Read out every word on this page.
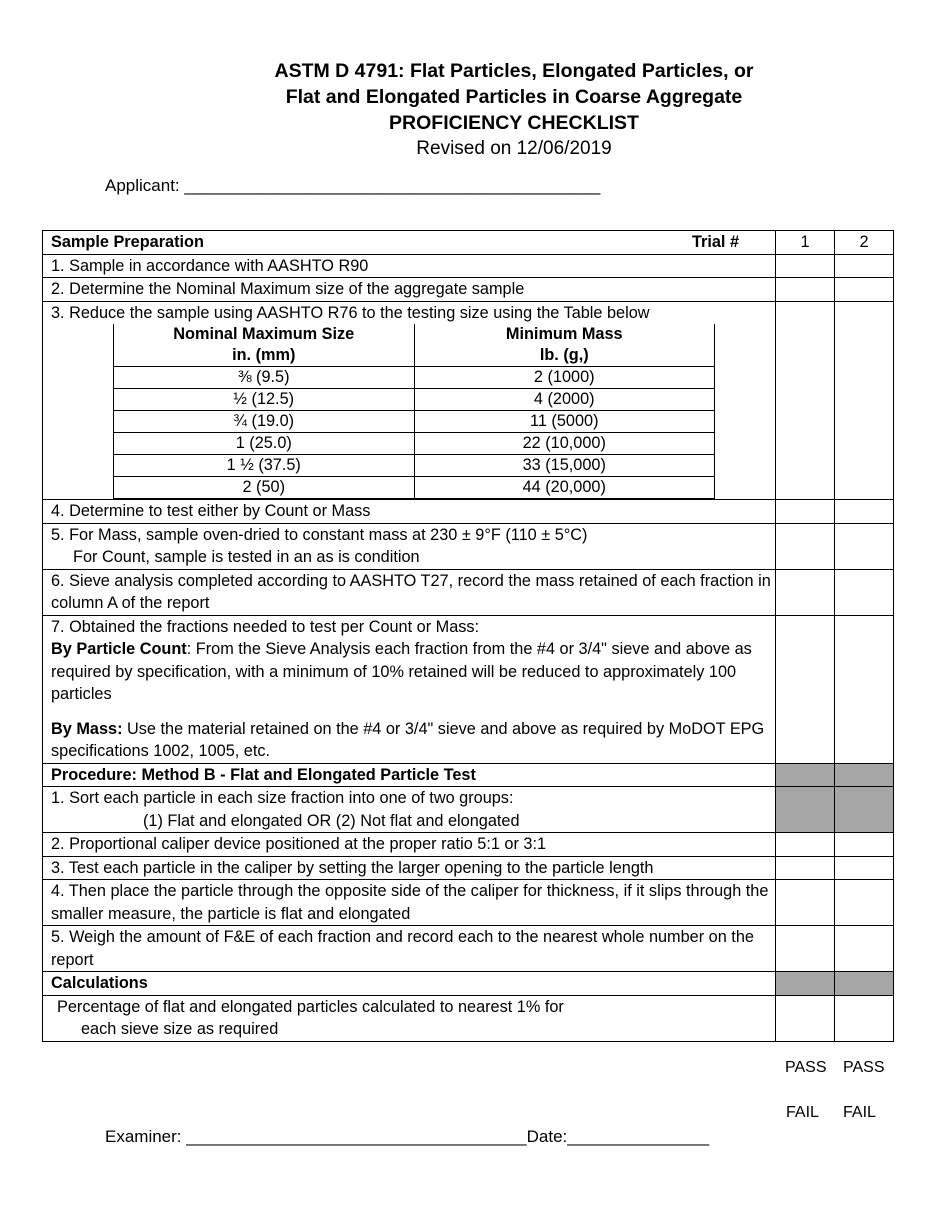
ASTM D 4791: Flat Particles, Elongated Particles, or
Flat and Elongated Particles in Coarse Aggregate
PROFICIENCY CHECKLIST
Revised on 12/06/2019
Applicant: ____________________________________________
Sample Preparation	Trial #	1	2
1. Sample in accordance with AASHTO R90		
2. Determine the Nominal Maximum size of the aggregate sample		

3. Reduce the sample using AASHTO R76 to the testing size using the Table below
Nominal Maximum Size	Minimum Mass
in. (mm)	lb. (g,)
⅜ (9.5)	2 (1000)
½ (12.5)	4 (2000)
¾ (19.0)	11 (5000)
1 (25.0)	22 (10,000)
1 ½ (37.5)	33 (15,000)
2 (50)	44 (20,000)

4. Determine to test either by Count or Mass		

5. For Mass, sample oven-dried to constant mass at 230 ± 9°F (110 ± 5°C)
For Count, sample is tested in an as is condition

6. Sieve analysis completed according to AASHTO T27, record the mass retained of each fraction in column A of the report		

7. Obtained the fractions needed to test per Count or Mass:
By Particle Count: From the Sieve Analysis each fraction from the #4 or 3/4" sieve and above as required by specification, with a minimum of 10% retained will be reduced to approximately 100 particles
By Mass: Use the material retained on the #4 or 3/4" sieve and above as required by MoDOT EPG specifications 1002, 1005, etc.

Procedure: Method B - Flat and Elongated Particle Test		

1. Sort each particle in each size fraction into one of two groups:
(1) Flat and elongated OR (2) Not flat and elongated

2. Proportional caliper device positioned at the proper ratio 5:1 or 3:1		
3. Test each particle in the caliper by setting the larger opening to the particle length		
4. Then place the particle through the opposite side of the caliper for thickness, if it slips through the smaller measure, the particle is flat and elongated		
5. Weigh the amount of F&E of each fraction and record each to the nearest whole number on the report		
Calculations		

Percentage of flat and elongated particles calculated to nearest 1% for
each sieve size as required

PASS PASS
FAIL FAIL
Examiner: ____________________________________Date:_______________
